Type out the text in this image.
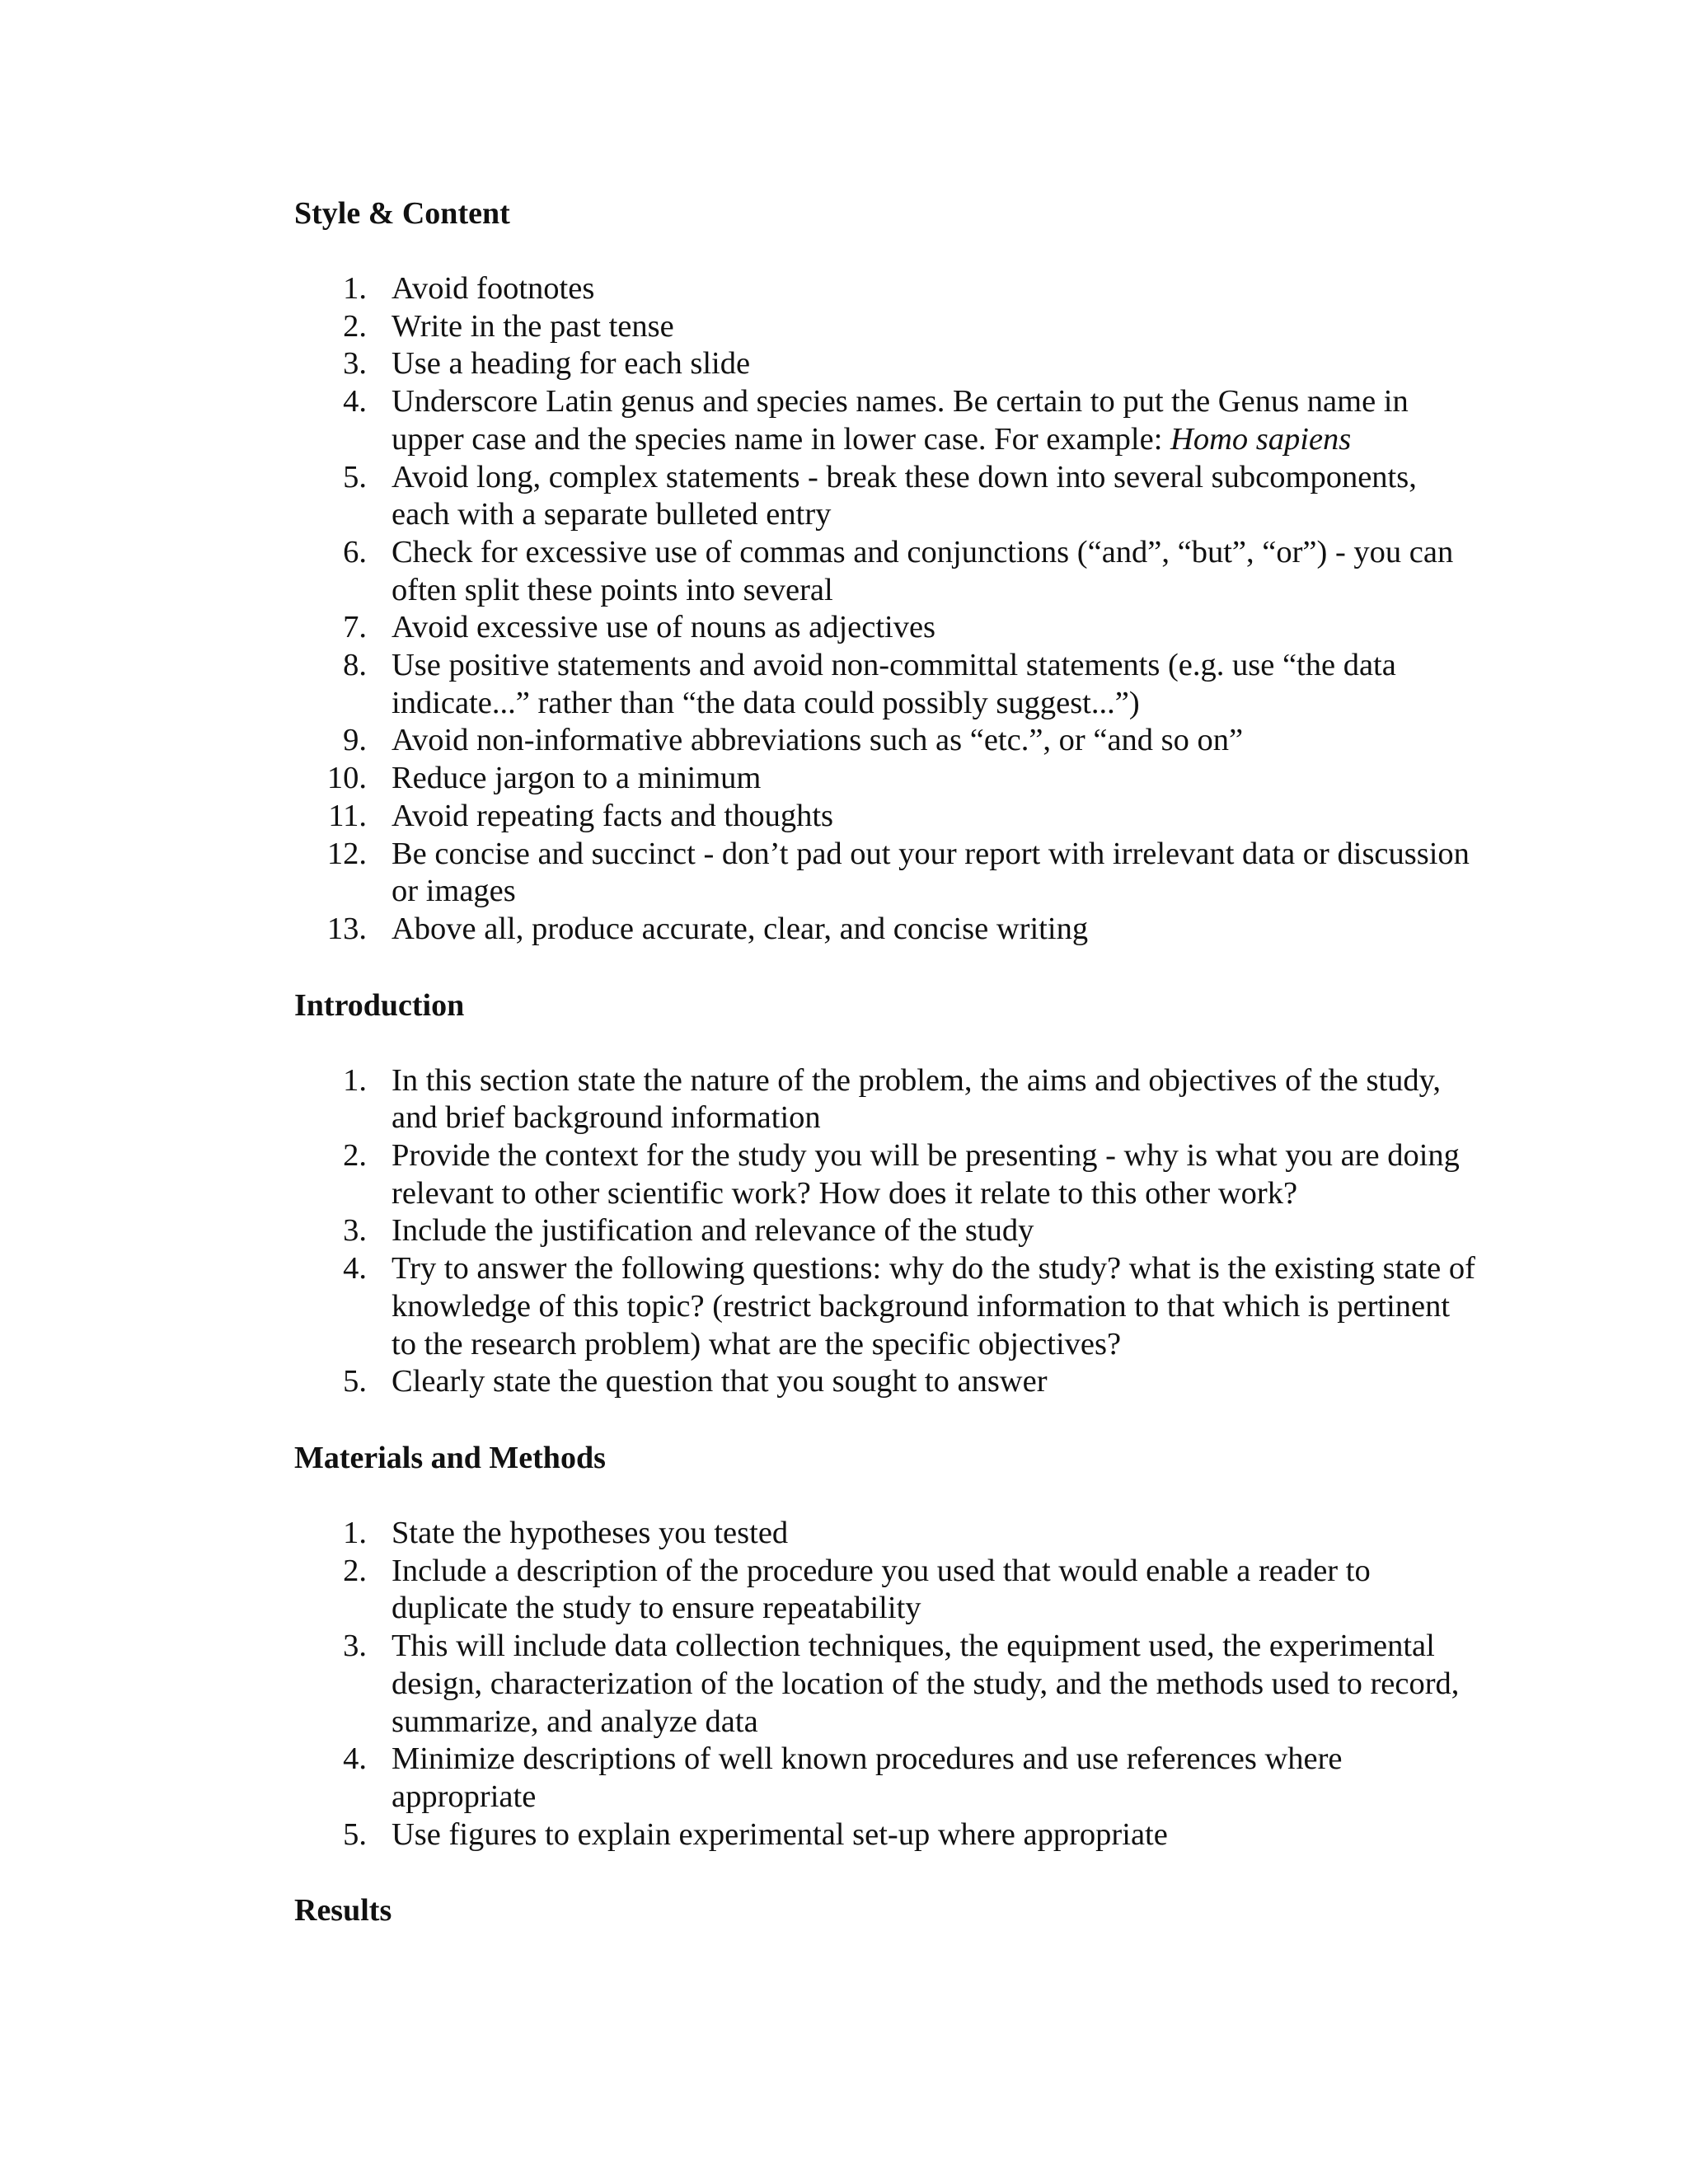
Style & Content
1. Avoid footnotes
2. Write in the past tense
3. Use a heading for each slide
4. Underscore Latin genus and species names. Be certain to put the Genus name in upper case and the species name in lower case. For example: Homo sapiens
5. Avoid long, complex statements - break these down into several subcomponents, each with a separate bulleted entry
6. Check for excessive use of commas and conjunctions (“and”, “but”, “or”) - you can often split these points into several
7. Avoid excessive use of nouns as adjectives
8. Use positive statements and avoid non-committal statements (e.g. use “the data indicate...” rather than “the data could possibly suggest...”)
9. Avoid non-informative abbreviations such as “etc.”, or “and so on”
10. Reduce jargon to a minimum
11. Avoid repeating facts and thoughts
12. Be concise and succinct - don’t pad out your report with irrelevant data or discussion or images
13. Above all, produce accurate, clear, and concise writing
Introduction
1. In this section state the nature of the problem, the aims and objectives of the study, and brief background information
2. Provide the context for the study you will be presenting - why is what you are doing relevant to other scientific work? How does it relate to this other work?
3. Include the justification and relevance of the study
4. Try to answer the following questions: why do the study? what is the existing state of knowledge of this topic? (restrict background information to that which is pertinent to the research problem) what are the specific objectives?
5. Clearly state the question that you sought to answer
Materials and Methods
1. State the hypotheses you tested
2. Include a description of the procedure you used that would enable a reader to duplicate the study to ensure repeatability
3. This will include data collection techniques, the equipment used, the experimental design, characterization of the location of the study, and the methods used to record, summarize, and analyze data
4. Minimize descriptions of well known procedures and use references where appropriate
5. Use figures to explain experimental set-up where appropriate
Results
